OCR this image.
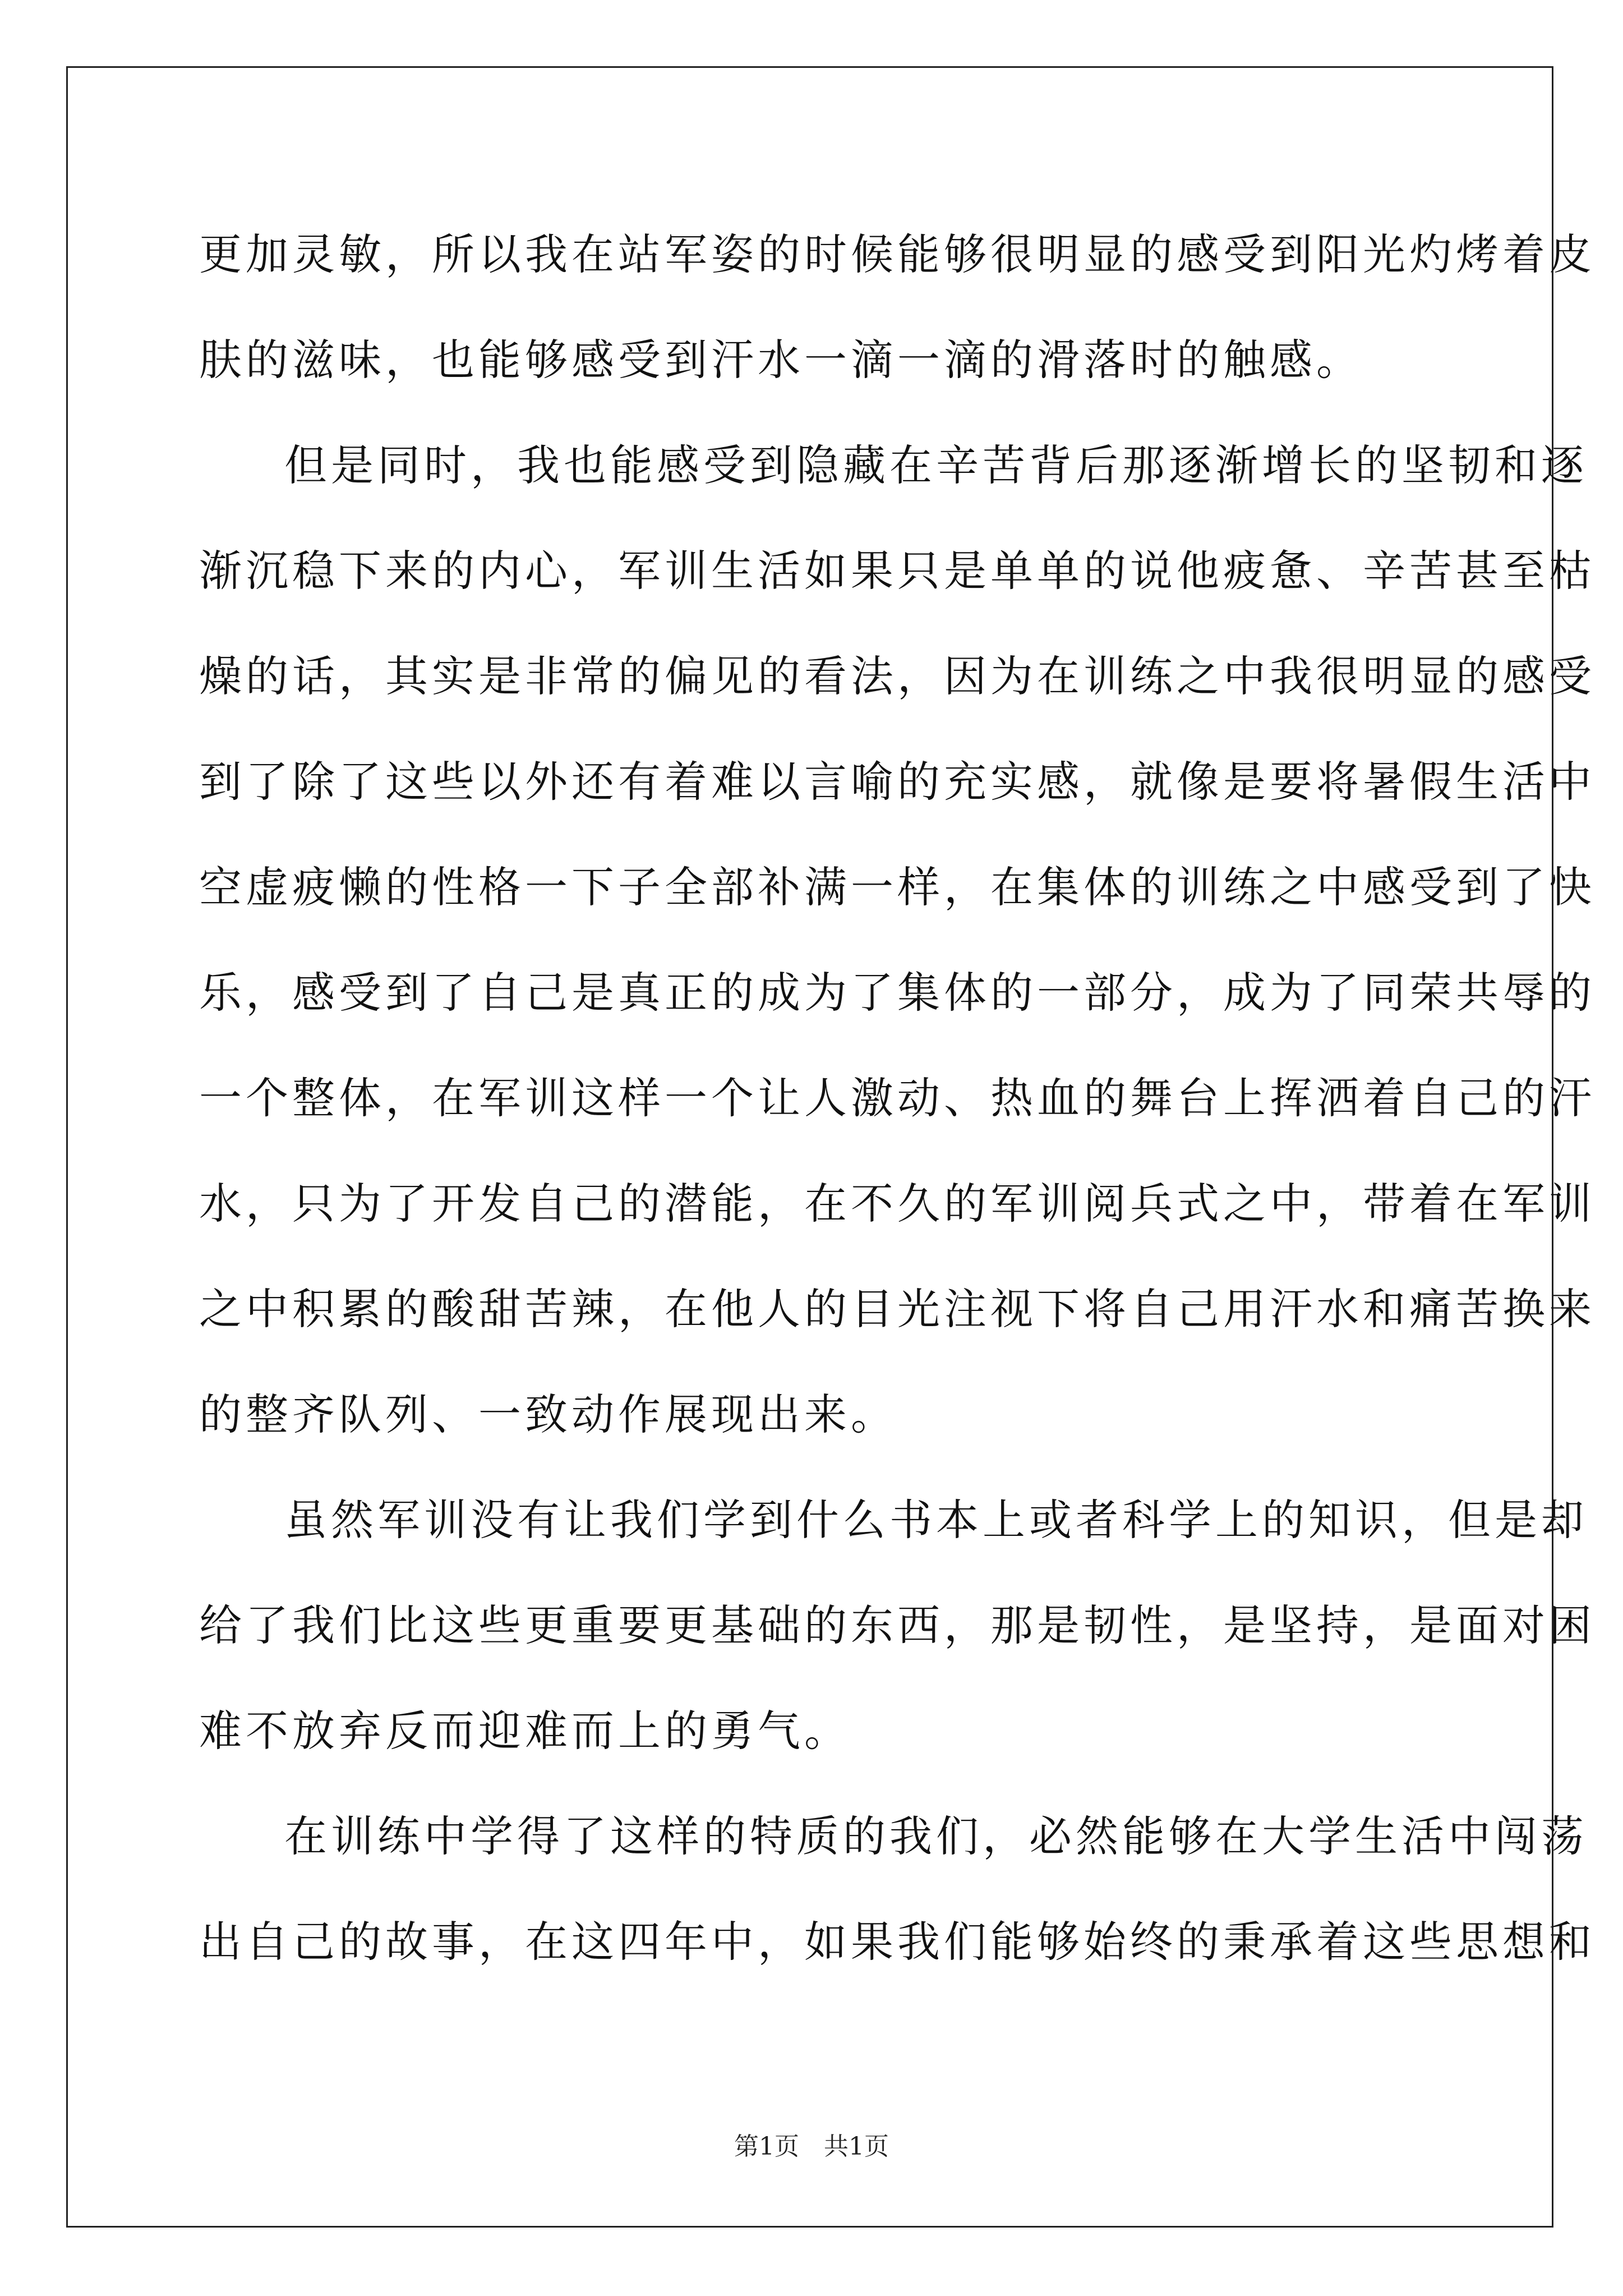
更加灵敏，所以我在站军姿的时候能够很明显的感受到阳光灼烤着皮
肤的滋味，也能够感受到汗水一滴一滴的滑落时的触感。
但是同时，我也能感受到隐藏在辛苦背后那逐渐增长的坚韧和逐
渐沉稳下来的内心，军训生活如果只是单单的说他疲惫、辛苦甚至枯
燥的话，其实是非常的偏见的看法，因为在训练之中我很明显的感受
到了除了这些以外还有着难以言喻的充实感，就像是要将暑假生活中
空虚疲懒的性格一下子全部补满一样，在集体的训练之中感受到了快
乐，感受到了自己是真正的成为了集体的一部分，成为了同荣共辱的
一个整体，在军训这样一个让人激动、热血的舞台上挥洒着自己的汗
水，只为了开发自己的潜能，在不久的军训阅兵式之中，带着在军训
之中积累的酸甜苦辣，在他人的目光注视下将自己用汗水和痛苦换来
的整齐队列、一致动作展现出来。
虽然军训没有让我们学到什么书本上或者科学上的知识，但是却
给了我们比这些更重要更基础的东西，那是韧性，是坚持，是面对困
难不放弃反而迎难而上的勇气。
在训练中学得了这样的特质的我们，必然能够在大学生活中闯荡
出自己的故事，在这四年中，如果我们能够始终的秉承着这些思想和
第1页　共1页
